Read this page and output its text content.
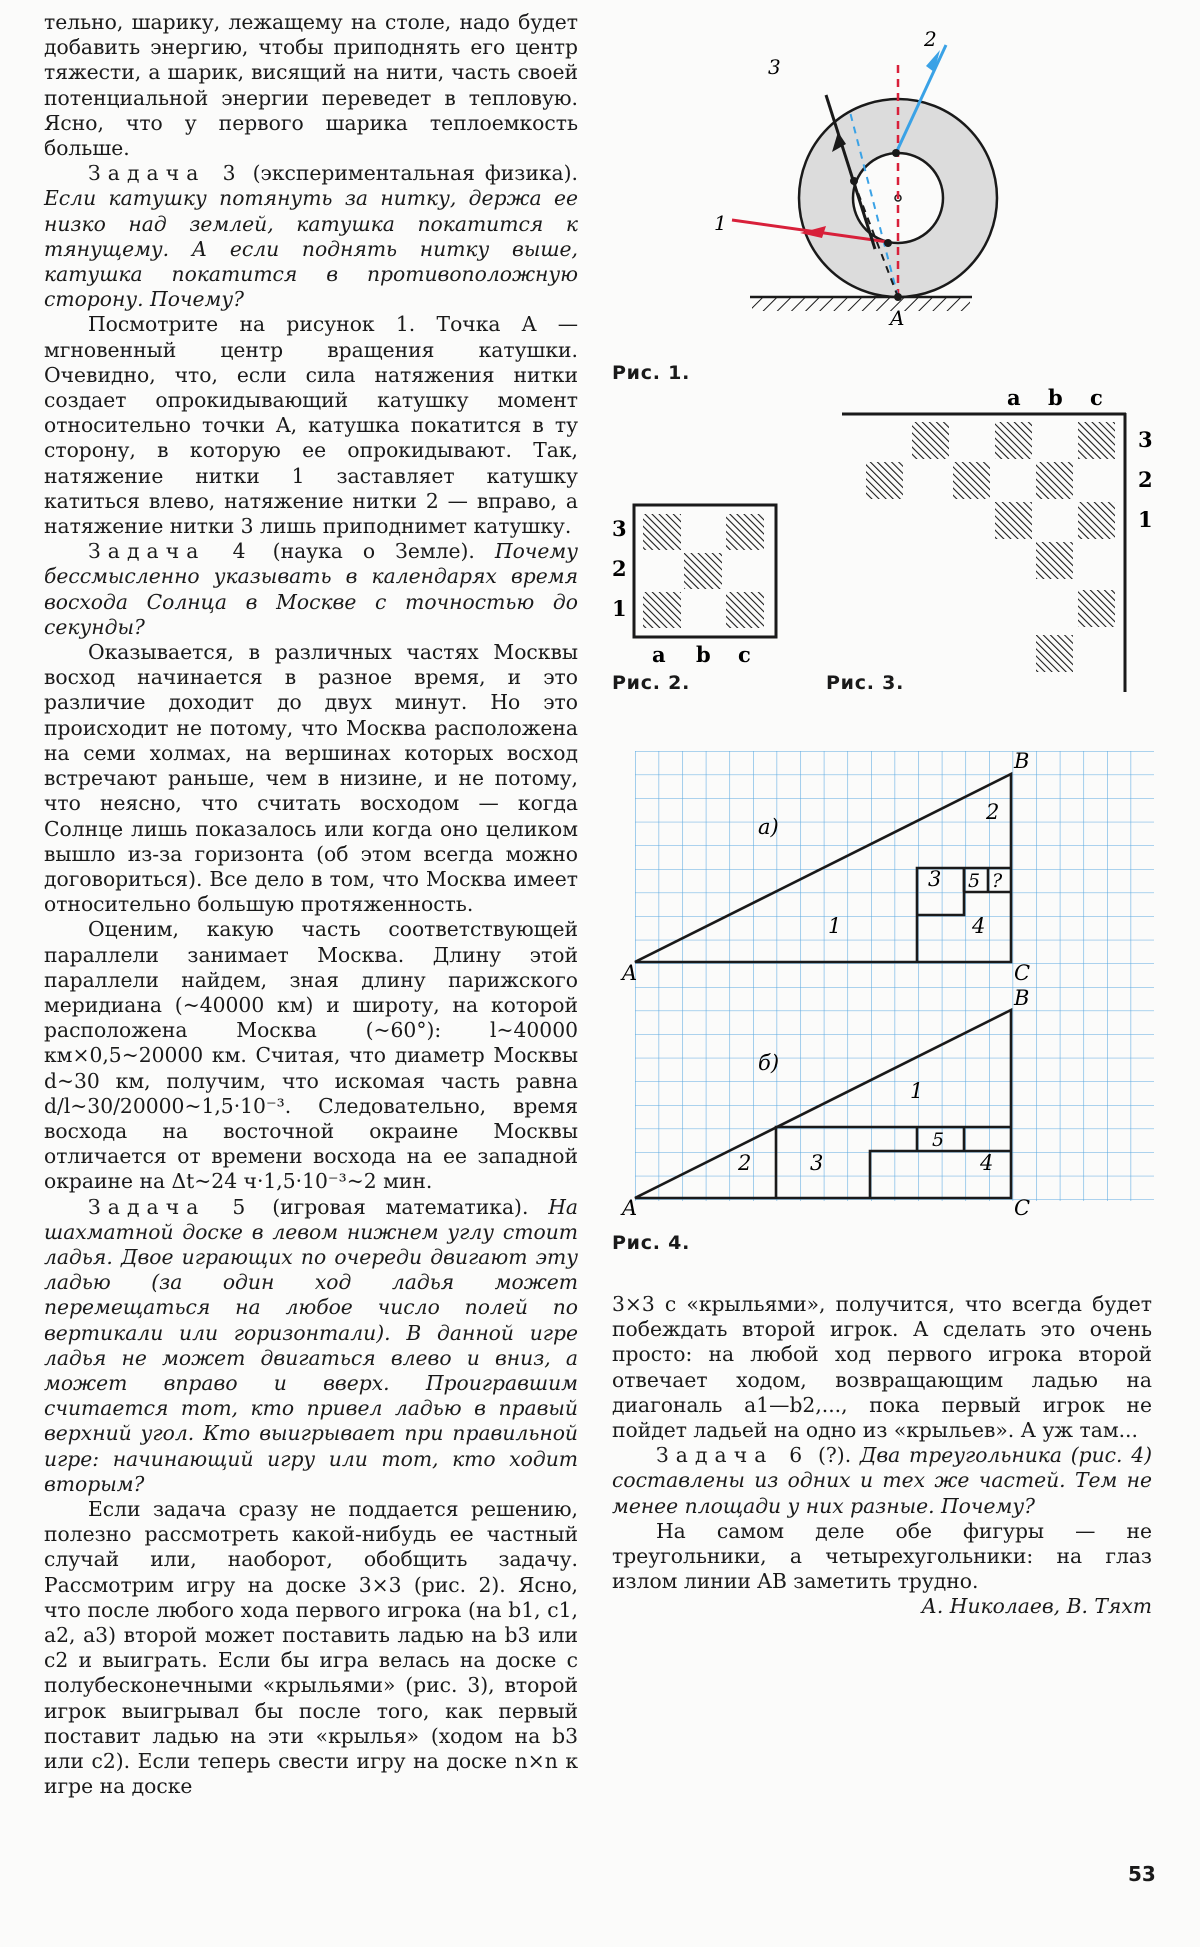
тельно, шарику, лежащему на столе, надо будет добавить энергию, чтобы приподнять его центр тяжести, а шарик, висящий на нити, часть своей потенциальной энергии переведет в тепловую. Ясно, что у первого шарика теплоемкость больше.

Задача 3 (экспериментальная физика). Если катушку потянуть за нитку, держа ее низко над землей, катушка покатится к тянущему. А если поднять нитку выше, катушка покатится в противоположную сторону. Почему?

Посмотрите на рисунок 1. Точка A — мгновенный центр вращения катушки. Очевидно, что, если сила натяжения нитки создает опрокидывающий катушку момент относительно точки A, катушка покатится в ту сторону, в которую ее опрокидывают. Так, натяжение нитки 1 заставляет катушку катиться влево, натяжение нитки 2 — вправо, а натяжение нитки 3 лишь приподнимет катушку.

Задача 4 (наука о Земле). Почему бессмысленно указывать в календарях время восхода Солнца в Москве с точностью до секунды?

Оказывается, в различных частях Москвы восход начинается в разное время, и это различие доходит до двух минут. Но это происходит не потому, что Москва расположена на семи холмах, на вершинах которых восход встречают раньше, чем в низине, и не потому, что неясно, что считать восходом — когда Солнце лишь показалось или когда оно целиком вышло из-за горизонта (об этом всегда можно договориться). Все дело в том, что Москва имеет относительно большую протяженность.

Оценим, какую часть соответствующей параллели занимает Москва. Длину этой параллели найдем, зная длину парижского меридиана (~40000 км) и широту, на которой расположена Москва (~60°): l~40000 км×0,5~20000 км. Считая, что диаметр Москвы d~30 км, получим, что искомая часть равна d/l~30/20000~1,5·10⁻³. Следовательно, время восхода на восточной окраине Москвы отличается от времени восхода на ее западной окраине на Δt~24 ч·1,5·10⁻³~2 мин.

Задача 5 (игровая математика). На шахматной доске в левом нижнем углу стоит ладья. Двое играющих по очереди двигают эту ладью (за один ход ладья может перемещаться на любое число полей по вертикали или горизонтали). В данной игре ладья не может двигаться влево и вниз, а может вправо и вверх. Проигравшим считается тот, кто привел ладью в правый верхний угол. Кто выигрывает при правильной игре: начинающий игру или тот, кто ходит вторым?

Если задача сразу не поддается решению, полезно рассмотреть какой-нибудь ее частный случай или, наоборот, обобщить задачу. Рассмотрим игру на доске 3×3 (рис. 2). Ясно, что после любого хода первого игрока (на b1, c1, a2, a3) второй может поставить ладью на b3 или c2 и выиграть. Если бы игра велась на доске с полубесконечными «крыльями» (рис. 3), второй игрок выигрывал бы после того, как первый поставит ладью на эти «крылья» (ходом на b3 или c2). Если теперь свести игру на доске n×n к игре на доске

3×3 с «крыльями», получится, что всегда будет побеждать второй игрок. А сделать это очень просто: на любой ход первого игрока второй отвечает ходом, возвращающим ладью на диагональ a1—b2,..., пока первый игрок не пойдет ладьей на одно из «крыльев». А уж там...

Задача 6 (?). Два треугольника (рис. 4) составлены из одних и тех же частей. Тем не менее площади у них разные. Почему?

На самом деле обе фигуры — не треугольники, а четырехугольники: на глаз излом линии AB заметить трудно.

А. Николаев, В. Тяхт

A
1
2
3
Рис. 1.
3
2
1
a b c
Рис. 2.
a b c
3
2
1
Рис. 3.
а)
A
B
C
1
2
3
4
5 ?
б)
A
B
C
1
2	3	4
5
Рис. 4.
53
